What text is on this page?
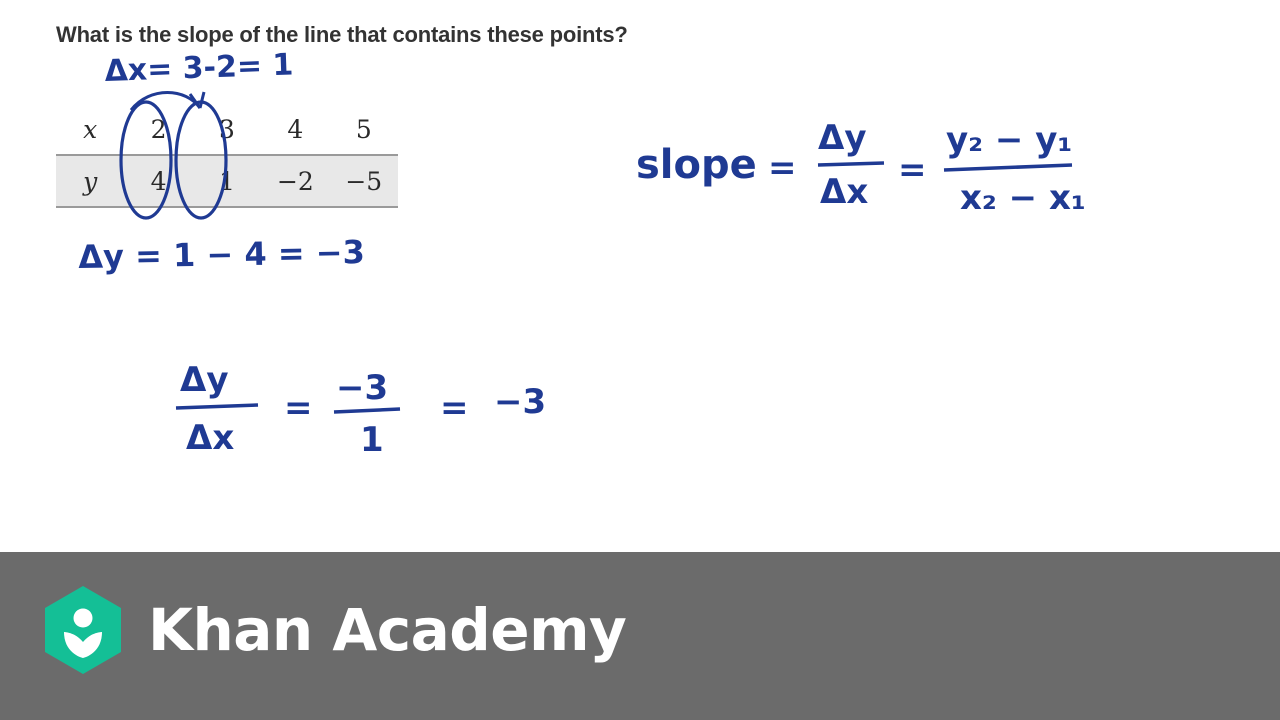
What is the slope of the line that contains these points?
x	2	3	4	5
y	4	1	−2	−5
Δx= 3-2= 1
Δy = 1 − 4 = −3
slope =
Δy
Δx
=
y₂ − y₁
x₂ − x₁
Δy
Δx
= −3
1
= −3
Khan Academy
